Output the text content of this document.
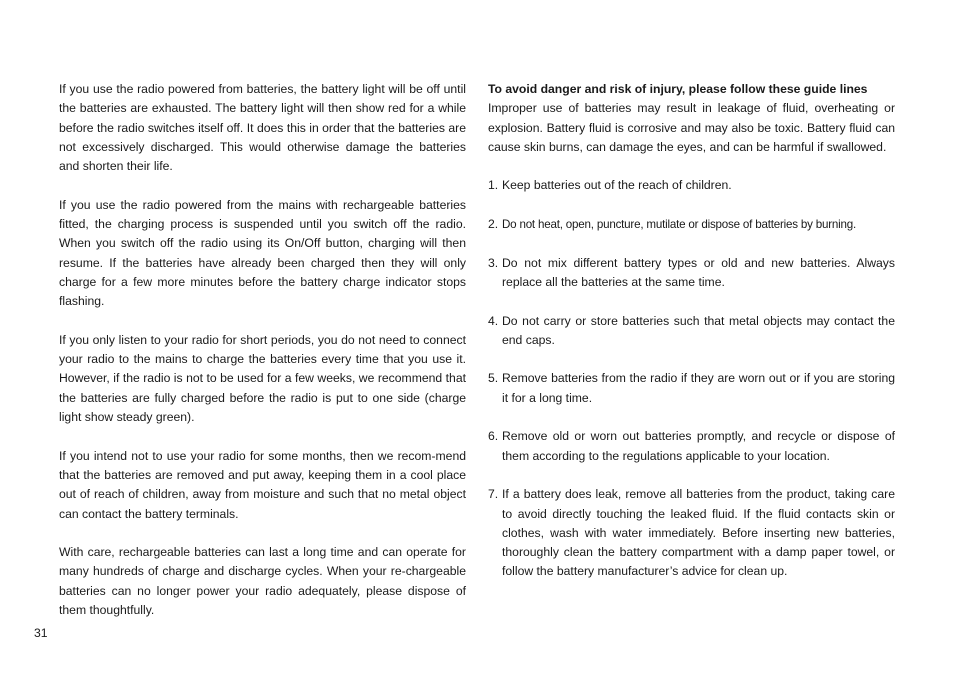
If you use the radio powered from batteries, the battery light will be off until the batteries are exhausted. The battery light will then show red for a while before the radio switches itself off. It does this in order that the batteries are not excessively discharged. This would otherwise damage the batteries and shorten their life.

If you use the radio powered from the mains with rechargeable batteries fitted, the charging process is suspended until you switch off the radio. When you switch off the radio using its On/Off button, charging will then resume. If the batteries have already been charged then they will only charge for a few more minutes before the battery charge indicator stops flashing.

If you only listen to your radio for short periods, you do not need to connect your radio to the mains to charge the batteries every time that you use it. However, if the radio is not to be used for a few weeks, we recommend that the batteries are fully charged before the radio is put to one side (charge light show steady green).

If you intend not to use your radio for some months, then we recom-mend that the batteries are removed and put away, keeping them in a cool place out of reach of children, away from moisture and such that no metal object can contact the battery terminals.

With care, rechargeable batteries can last a long time and can operate for many hundreds of charge and discharge cycles. When your re-chargeable batteries can no longer power your radio adequately, please dispose of them thoughtfully.

To avoid danger and risk of injury, please follow these guide lines

Improper use of batteries may result in leakage of fluid, overheating or explosion. Battery fluid is corrosive and may also be toxic. Battery fluid can cause skin burns, can damage the eyes, and can be harmful if swallowed.

1. Keep batteries out of the reach of children.
2. Do not heat, open, puncture, mutilate or dispose of batteries by burning.
3. Do not mix different battery types or old and new batteries. Always replace all the batteries at the same time.
4. Do not carry or store batteries such that metal objects may contact the end caps.
5. Remove batteries from the radio if they are worn out or if you are storing it for a long time.
6. Remove old or worn out batteries promptly, and recycle or dispose of them according to the regulations applicable to your location.
7. If a battery does leak, remove all batteries from the product, taking care to avoid directly touching the leaked fluid. If the fluid contacts skin or clothes, wash with water immediately. Before inserting new batteries, thoroughly clean the battery compartment with a damp paper towel, or follow the battery manufacturer’s advice for clean up.
31
